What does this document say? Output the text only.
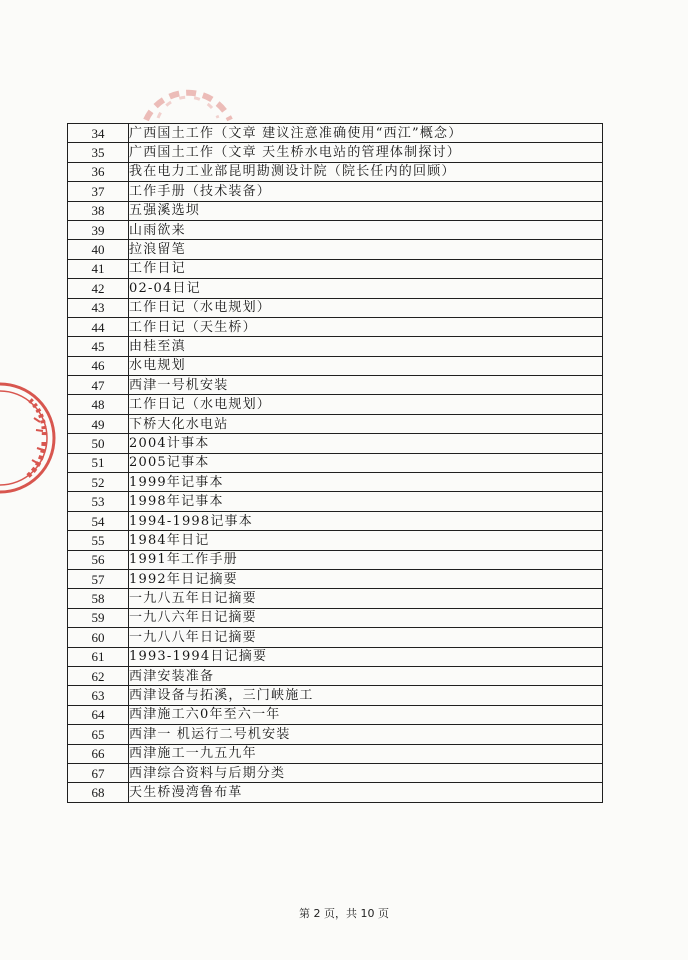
34	广西国土工作（文章 建议注意准确使用“西江”概念）
35	广西国土工作（文章 天生桥水电站的管理体制探讨）
36	我在电力工业部昆明勘测设计院（院长任内的回顾）
37	工作手册（技术装备）
38	五强溪选坝
39	山雨欲来
40	拉浪留笔
41	工作日记
42	02-04日记
43	工作日记（水电规划）
44	工作日记（天生桥）
45	由桂至滇
46	水电规划
47	西津一号机安装
48	工作日记（水电规划）
49	下桥大化水电站
50	2004计事本
51	2005记事本
52	1999年记事本
53	1998年记事本
54	1994-1998记事本
55	1984年日记
56	1991年工作手册
57	1992年日记摘要
58	一九八五年日记摘要
59	一九八六年日记摘要
60	一九八八年日记摘要
61	1993-1994日记摘要
62	西津安装准备
63	西津设备与拓溪，三门峡施工
64	西津施工六0年至六一年
65	西津一 机运行二号机安装
66	西津施工一九五九年
67	西津综合资料与后期分类
68	天生桥漫湾鲁布革
第 2 页，共 10 页
